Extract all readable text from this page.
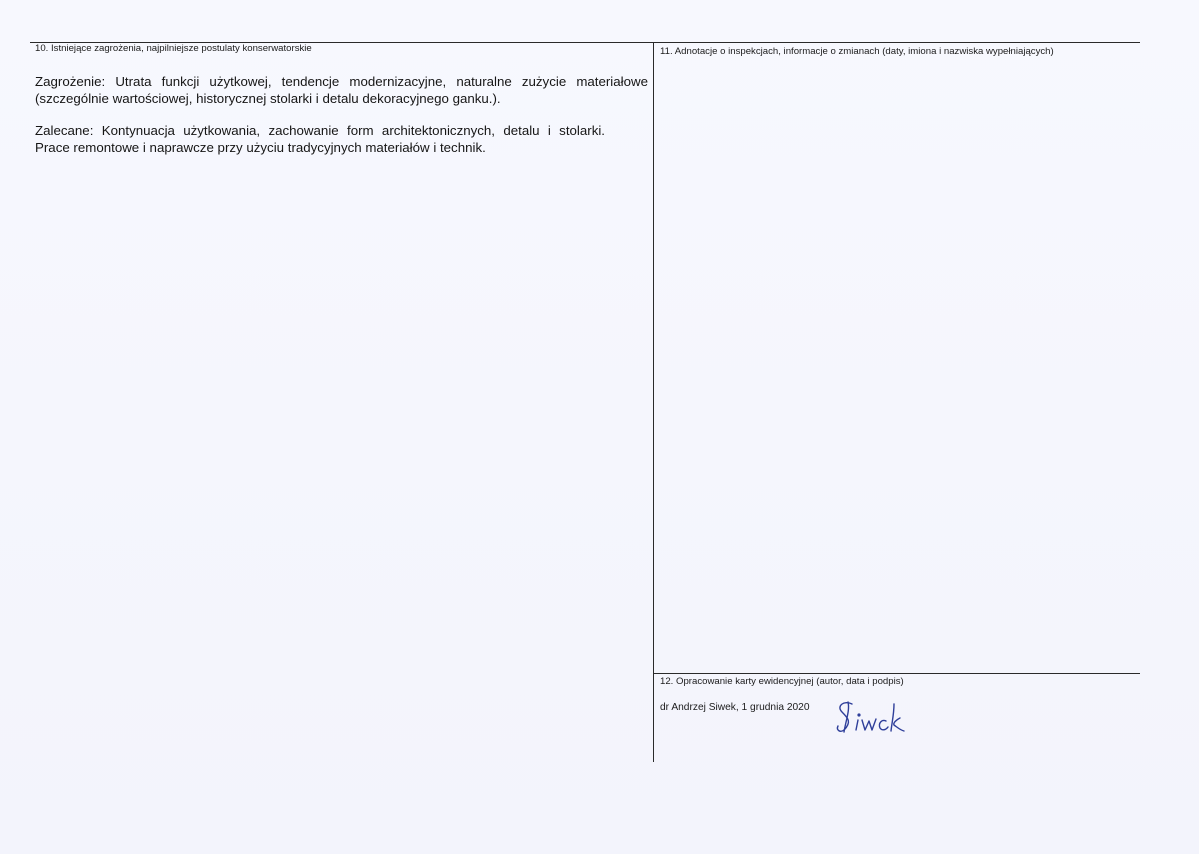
10. Istniejące zagrożenia, najpilniejsze postulaty konserwatorskie	11. Adnotacje o inspekcjach, informacje o zmianach (daty, imiona i nazwiska wypełniających)
12. Opracowanie karty ewidencyjnej (autor, data i podpis)

Zagrożenie: Utrata funkcji użytkowej, tendencje modernizacyjne, naturalne zużycie materiałowe
(szczególnie wartościowej, historycznej stolarki i detalu dekoracyjnego ganku.).

Zalecane: Kontynuacja użytkowania, zachowanie form architektonicznych, detalu i stolarki.
Prace remontowe i naprawcze przy użyciu tradycyjnych materiałów i technik.

dr Andrzej Siwek, 1 grudnia 2020
